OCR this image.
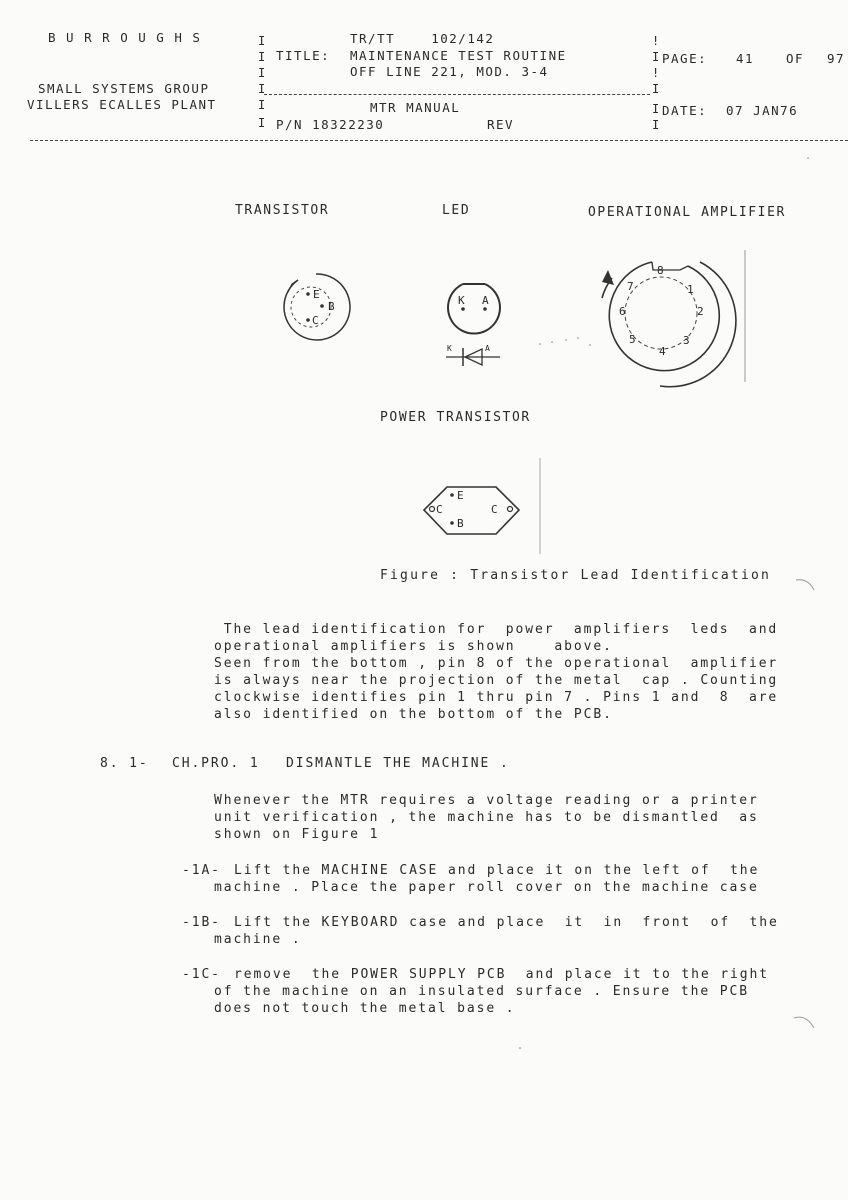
B U R R O U G H S
SMALL SYSTEMS GROUP
VILLERS ECALLES PLANT
I
I
I
I
I
I
TR/TT    102/142
TITLE: MAINTENANCE TEST ROUTINE
OFF LINE 221, MOD. 3-4
MTR MANUAL
P/N 18322230	REV
!
I
!
I
I
I
PAGE: 41	OF 97
DATE: 07 JAN76
TRANSISTOR	LED	OPERATIONAL AMPLIFIER
E
B
C
K A
K	A
8
1
2
3
4
5
6
7
E
C
B
C
POWER TRANSISTOR
Figure : Transistor Lead Identification
The lead identification for  power  amplifiers  leds  and
operational amplifiers is shown    above.
Seen from the bottom , pin 8 of the operational  amplifier
is always near the projection of the metal  cap . Counting
clockwise identifies pin 1 thru pin 7 . Pins 1 and  8  are
also identified on the bottom of the PCB.
8. 1- CH.PRO. 1 DISMANTLE THE MACHINE .
Whenever the MTR requires a voltage reading or a printer
unit verification , the machine has to be dismantled  as
shown on Figure 1
-1A- Lift the MACHINE CASE and place it on the left of  the
machine . Place the paper roll cover on the machine case
-1B- Lift the KEYBOARD case and place  it  in  front  of  the
machine .
-1C- remove  the POWER SUPPLY PCB  and place it to the right
of the machine on an insulated surface . Ensure the PCB
does not touch the metal base .
